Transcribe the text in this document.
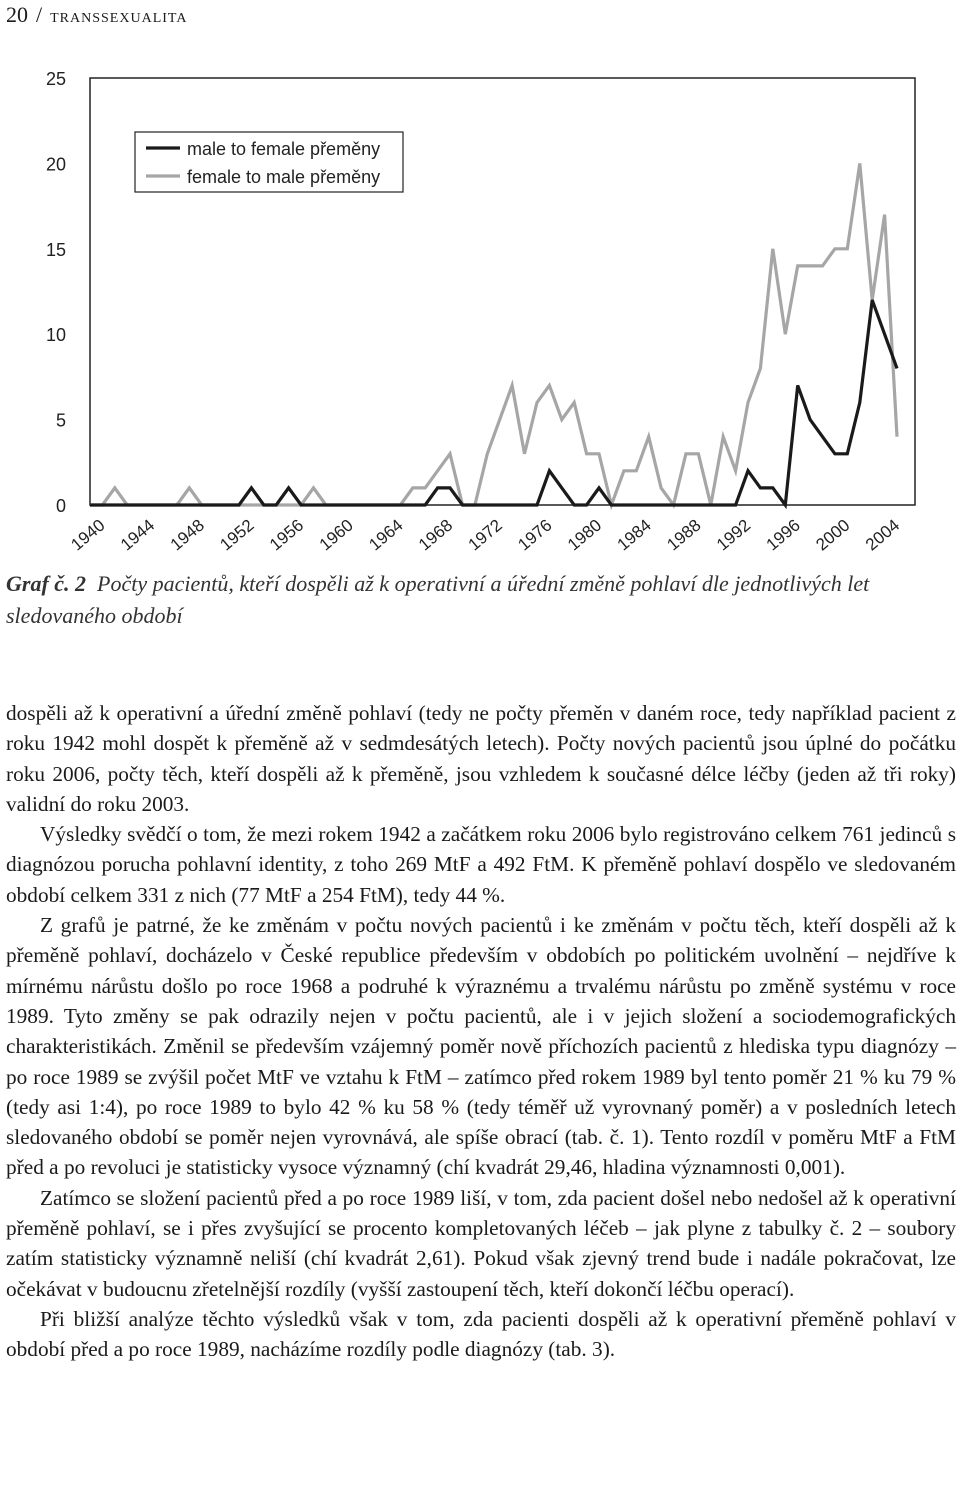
20 / transsexualita
0
5
10
15
20
25
1940 1944 1948 1952 1956 1960 1964 1968 1972 1976 1980 1984 1988 1992 1996 2000 2004
male to female přeměny
female to male přeměny
Graf č. 2 Počty pacientů, kteří dospěli až k operativní a úřední změně pohlaví dle jednotlivých let sledovaného období

dospěli až k operativní a úřední změně pohlaví (tedy ne počty přeměn v daném roce, tedy například pacient z roku 1942 mohl dospět k přeměně až v sedmdesátých letech). Počty nových pacientů jsou úplné do počátku roku 2006, počty těch, kteří dospěli až k přeměně, jsou vzhledem k současné délce léčby (jeden až tři roky) validní do roku 2003.

Výsledky svědčí o tom, že mezi rokem 1942 a začátkem roku 2006 bylo registrováno celkem 761 jedinců s diagnózou porucha pohlavní identity, z toho 269 MtF a 492 FtM. K přeměně pohlaví dospělo ve sledovaném období celkem 331 z nich (77 MtF a 254 FtM), tedy 44 %.

Z grafů je patrné, že ke změnám v počtu nových pacientů i ke změnám v počtu těch, kteří dospěli až k přeměně pohlaví, docházelo v České republice především v obdobích po politickém uvolnění – nejdříve k mírnému nárůstu došlo po roce 1968 a podruhé k výraznému a trvalému nárůstu po změně systému v roce 1989. Tyto změny se pak odrazily nejen v počtu pacientů, ale i v jejich složení a sociodemografických charakteristikách. Změnil se především vzájemný poměr nově příchozích pacientů z hlediska typu diagnózy – po roce 1989 se zvýšil počet MtF ve vztahu k FtM – zatímco před rokem 1989 byl tento poměr 21 % ku 79 % (tedy asi 1:4), po roce 1989 to bylo 42 % ku 58 % (tedy téměř už vyrovnaný poměr) a v posledních letech sledovaného období se poměr nejen vyrovnává, ale spíše obrací (tab. č. 1). Tento rozdíl v poměru MtF a FtM před a po revoluci je statisticky vysoce významný (chí kvadrát 29,46, hladina významnosti 0,001).

Zatímco se složení pacientů před a po roce 1989 liší, v tom, zda pacient došel nebo nedošel až k operativní přeměně pohlaví, se i přes zvyšující se procento kompletovaných léčeb – jak plyne z tabulky č. 2 – soubory zatím statisticky významně neliší (chí kvadrát 2,61). Pokud však zjevný trend bude i nadále pokračovat, lze očekávat v budoucnu zřetelnější rozdíly (vyšší zastoupení těch, kteří dokončí léčbu operací).

Při bližší analýze těchto výsledků však v tom, zda pacienti dospěli až k operativní přeměně pohlaví v období před a po roce 1989, nacházíme rozdíly podle diagnózy (tab. 3).
